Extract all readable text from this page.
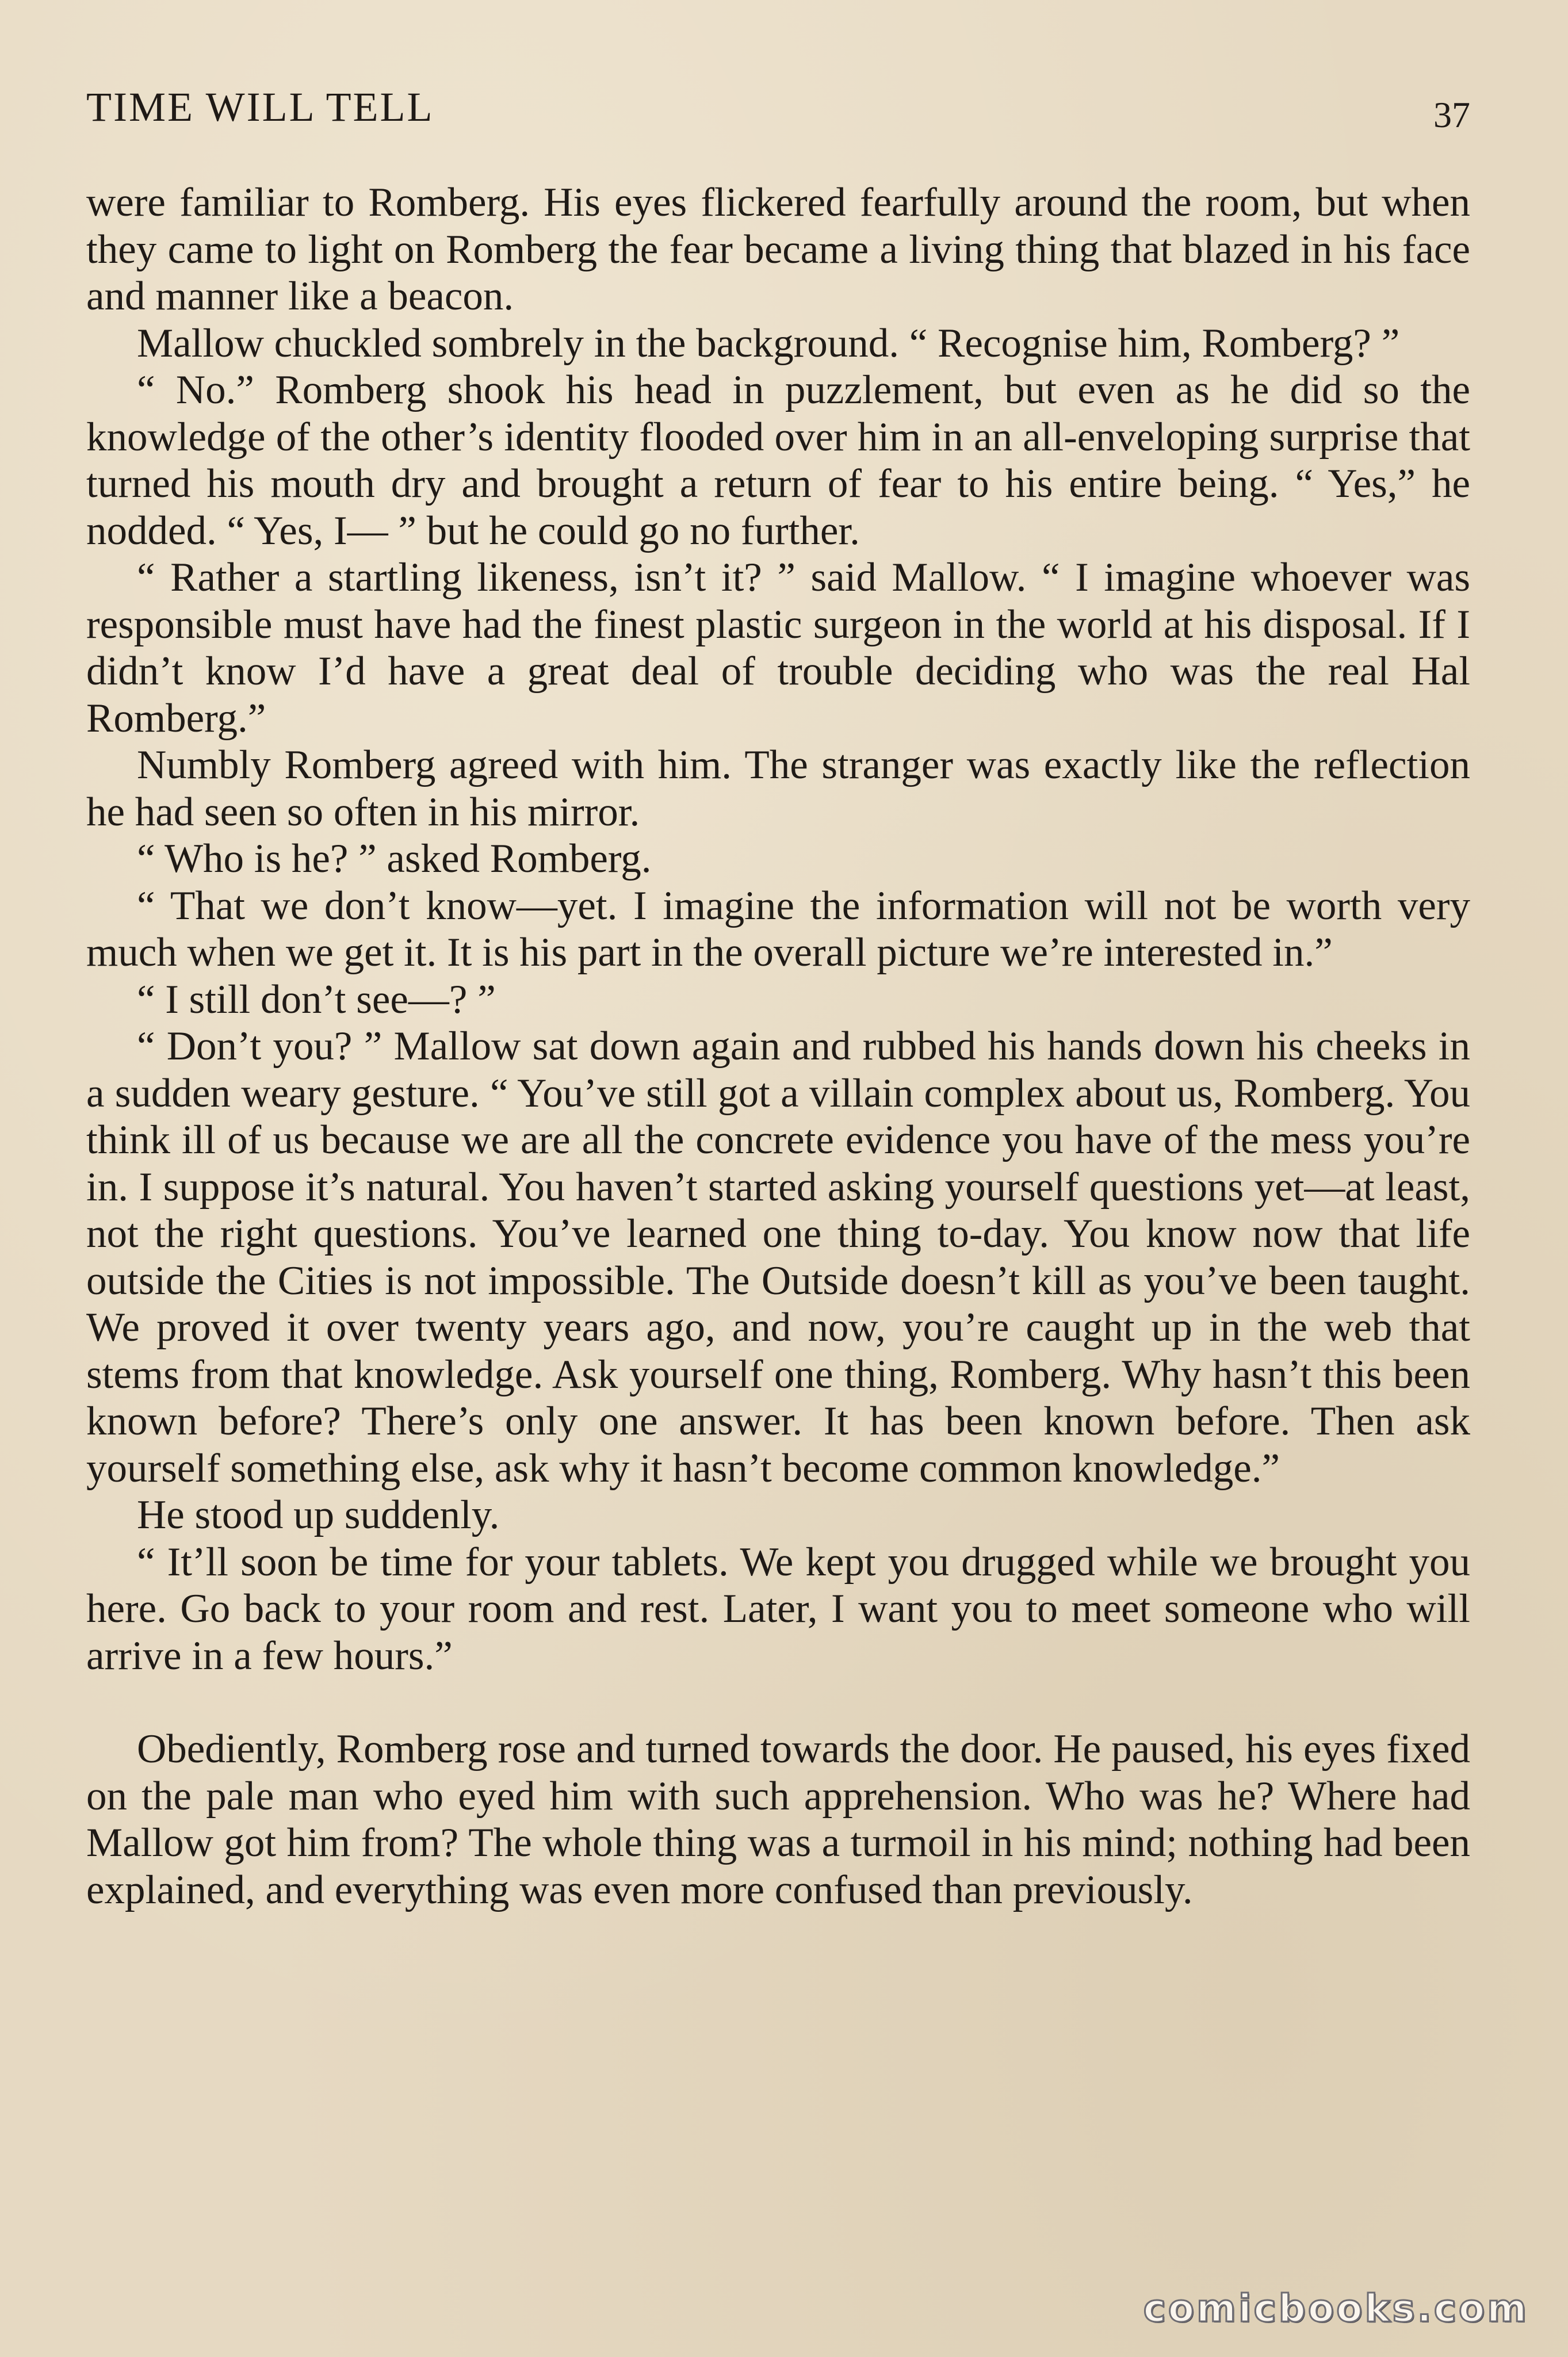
TIME WILL TELL	37

were familiar to Romberg. His eyes flickered fearfully around the room, but when they came to light on Romberg the fear became a living thing that blazed in his face and manner like a beacon.

Mallow chuckled sombrely in the background. “ Recognise him, Romberg? ”

“ No.” Romberg shook his head in puzzlement, but even as he did so the knowledge of the other’s identity flooded over him in an all-enveloping surprise that turned his mouth dry and brought a return of fear to his entire being. “ Yes,” he nodded. “ Yes, I— ” but he could go no further.

“ Rather a startling likeness, isn’t it? ” said Mallow. “ I imagine whoever was responsible must have had the finest plastic surgeon in the world at his disposal. If I didn’t know I’d have a great deal of trouble deciding who was the real Hal Romberg.”

Numbly Romberg agreed with him. The stranger was exactly like the reflection he had seen so often in his mirror.

“ Who is he? ” asked Romberg.

“ That we don’t know—yet. I imagine the information will not be worth very much when we get it. It is his part in the overall picture we’re interested in.”

“ I still don’t see—? ”

“ Don’t you? ” Mallow sat down again and rubbed his hands down his cheeks in a sudden weary gesture. “ You’ve still got a villain complex about us, Romberg. You think ill of us because we are all the concrete evidence you have of the mess you’re in. I suppose it’s natural. You haven’t started asking yourself questions yet—at least, not the right questions. You’ve learned one thing to-day. You know now that life outside the Cities is not impossible. The Outside doesn’t kill as you’ve been taught. We proved it over twenty years ago, and now, you’re caught up in the web that stems from that knowledge. Ask yourself one thing, Romberg. Why hasn’t this been known before? There’s only one answer. It has been known before. Then ask yourself something else, ask why it hasn’t become common knowledge.”

He stood up suddenly.

“ It’ll soon be time for your tablets. We kept you drugged while we brought you here. Go back to your room and rest. Later, I want you to meet someone who will arrive in a few hours.”

Obediently, Romberg rose and turned towards the door. He paused, his eyes fixed on the pale man who eyed him with such apprehension. Who was he? Where had Mallow got him from? The whole thing was a turmoil in his mind; nothing had been explained, and everything was even more confused than previously.

comicbooks.com
